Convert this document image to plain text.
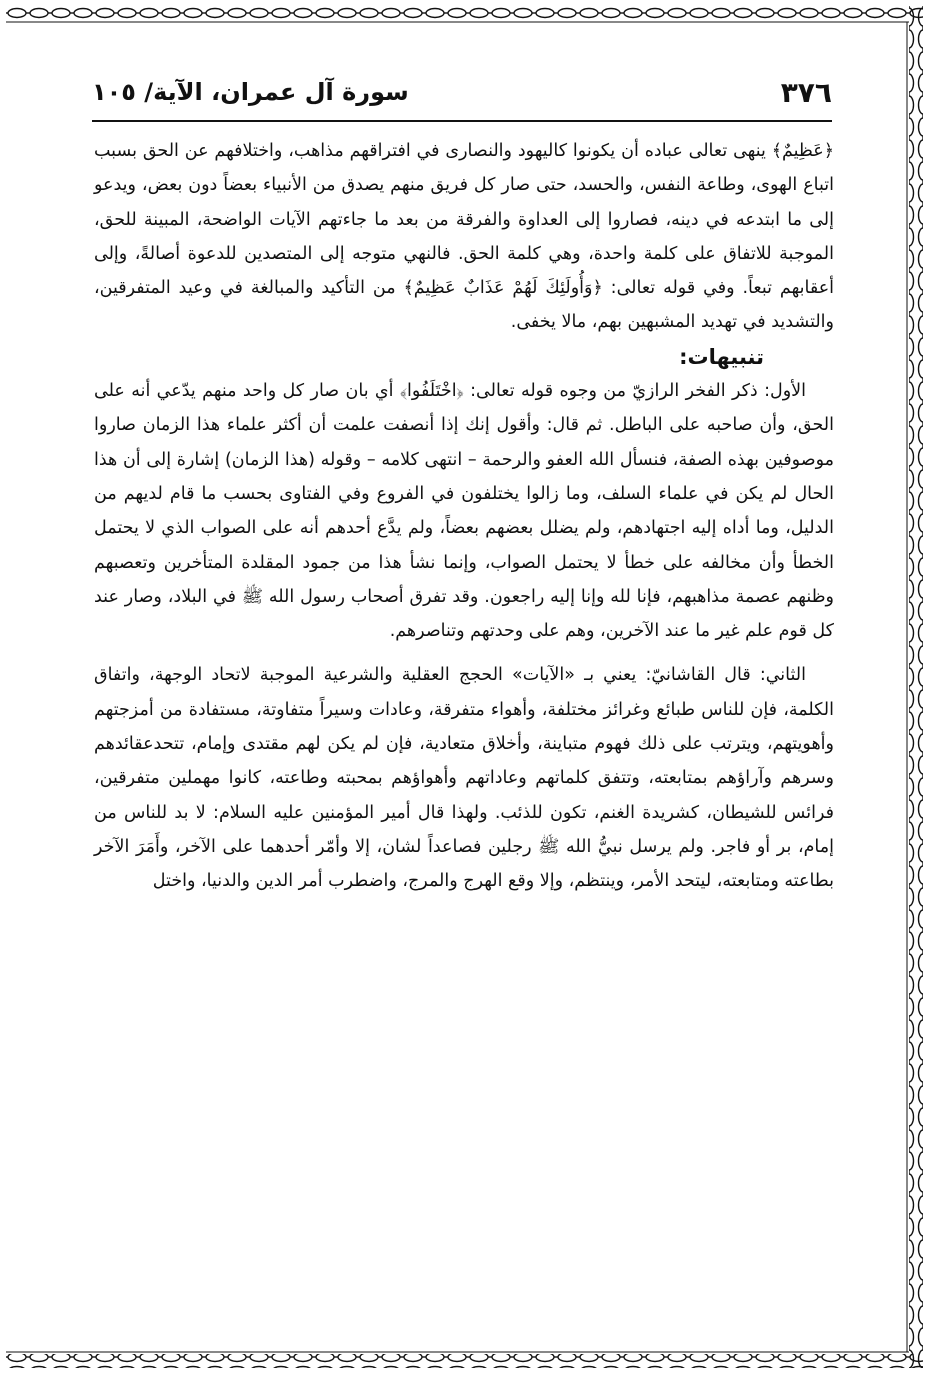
٣٧٦
سورة آل عمران، الآية/ ١٠٥

﴿عَظِيمٌ﴾ ينهى تعالى عباده أن يكونوا كاليهود والنصارى في افتراقهم مذاهب، واختلافهم عن الحق بسبب اتباع الهوى، وطاعة النفس، والحسد، حتى صار كل فريق منهم يصدق من الأنبياء بعضاً دون بعض، ويدعو إلى ما ابتدعه في دينه، فصاروا إلى العداوة والفرقة من بعد ما جاءتهم الآيات الواضحة، المبينة للحق، الموجبة للاتفاق على كلمة واحدة، وهي كلمة الحق. فالنهي متوجه إلى المتصدين للدعوة أصالةً، وإلى أعقابهم تبعاً. وفي قوله تعالى: ﴿وَأُولَئِكَ لَهُمْ عَذَابٌ عَظِيمٌ﴾ من التأكيد والمبالغة في وعيد المتفرقين، والتشديد في تهديد المشبهين بهم، مالا يخفى.

تنبيهات:

الأول: ذكر الفخر الرازيّ من وجوه قوله تعالى: ﴿اخْتَلَفُوا﴾ أي بان صار كل واحد منهم يدّعي أنه على الحق، وأن صاحبه على الباطل. ثم قال: وأقول إنك إذا أنصفت علمت أن أكثر علماء هذا الزمان صاروا موصوفين بهذه الصفة، فنسأل الله العفو والرحمة – انتهى كلامه – وقوله (هذا الزمان) إشارة إلى أن هذا الحال لم يكن في علماء السلف، وما زالوا يختلفون في الفروع وفي الفتاوى بحسب ما قام لديهم من الدليل، وما أداه إليه اجتهادهم، ولم يضلل بعضهم بعضاً، ولم يدَّع أحدهم أنه على الصواب الذي لا يحتمل الخطأ وأن مخالفه على خطأ لا يحتمل الصواب، وإنما نشأ هذا من جمود المقلدة المتأخرين وتعصبهم وظنهم عصمة مذاهبهم، فإنا لله وإنا إليه راجعون. وقد تفرق أصحاب رسول الله ﷺ في البلاد، وصار عند كل قوم علم غير ما عند الآخرين، وهم على وحدتهم وتناصرهم.

الثاني: قال القاشانيّ: يعني بـ «الآيات» الحجج العقلية والشرعية الموجبة لاتحاد الوجهة، واتفاق الكلمة، فإن للناس طبائع وغرائز مختلفة، وأهواء متفرقة، وعادات وسيراً متفاوتة، مستفادة من أمزجتهم وأهويتهم، ويترتب على ذلك فهوم متباينة، وأخلاق متعادية، فإن لم يكن لهم مقتدى وإمام، تتحدعقائدهم وسرهم وآراؤهم بمتابعته، وتتفق كلماتهم وعاداتهم وأهواؤهم بمحبته وطاعته، كانوا مهملين متفرقين، فرائس للشيطان، كشريدة الغنم، تكون للذئب. ولهذا قال أمير المؤمنين عليه السلام: لا بد للناس من إمام، بر أو فاجر. ولم يرسل نبيُّ الله ﷺ رجلين فصاعداً لشان، إلا وأمّر أحدهما على الآخر، وأَمَرَ الآخر بطاعته ومتابعته، ليتحد الأمر، وينتظم، وإلا وقع الهرج والمرج، واضطرب أمر الدين والدنيا، واختل
